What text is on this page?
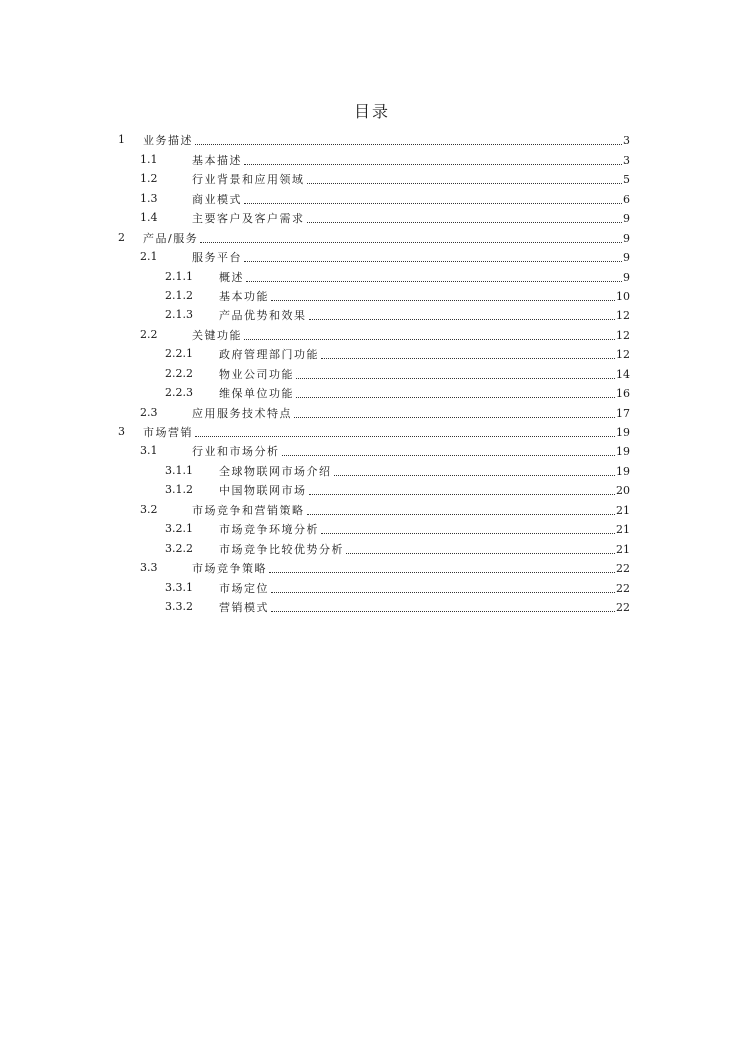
目录
1 业务描述	3
1.1	基本描述	3
1.2	行业背景和应用领域	5
1.3	商业模式	6
1.4	主要客户及客户需求	9
2 产品/服务	9
2.1	服务平台	9
2.1.1 概述	9
2.1.2 基本功能	10
2.1.3 产品优势和效果	12
2.2	关键功能	12
2.2.1 政府管理部门功能	12
2.2.2 物业公司功能	14
2.2.3 维保单位功能	16
2.3	应用服务技术特点	17
3 市场营销	19
3.1	行业和市场分析	19
3.1.1 全球物联网市场介绍	19
3.1.2 中国物联网市场	20
3.2	市场竞争和营销策略	21
3.2.1 市场竞争环境分析	21
3.2.2 市场竞争比较优势分析	21
3.3	市场竞争策略	22
3.3.1 市场定位	22
3.3.2 营销模式	22
